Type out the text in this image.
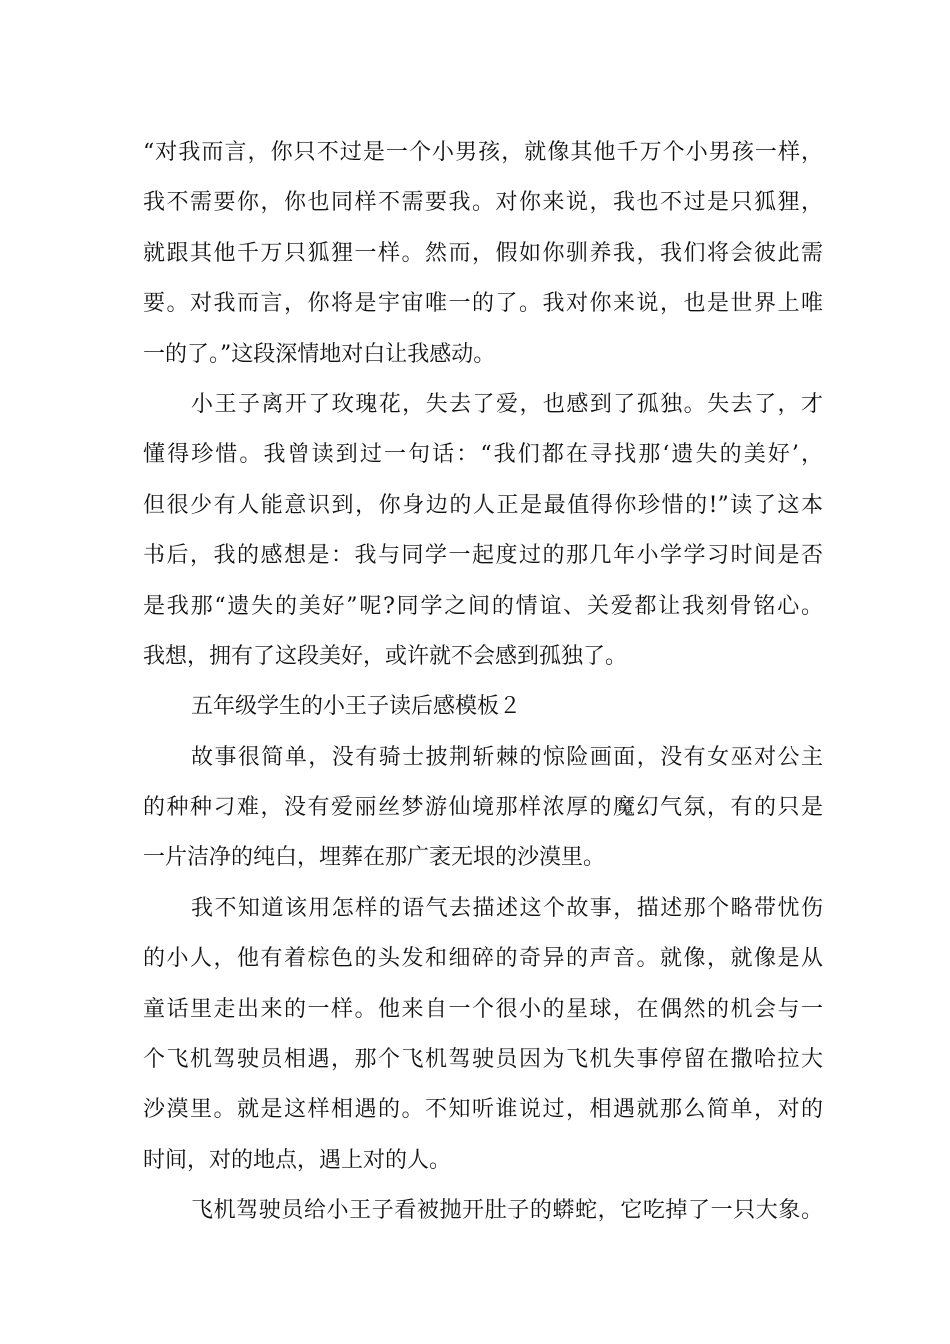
“对我而言，你只不过是一个小男孩，就像其他千万个小男孩一样，
我不需要你，你也同样不需要我。对你来说，我也不过是只狐狸，
就跟其他千万只狐狸一样。然而，假如你驯养我，我们将会彼此需
要。对我而言，你将是宇宙唯一的了。我对你来说，也是世界上唯
一的了。”这段深情地对白让我感动。
小王子离开了玫瑰花，失去了爱，也感到了孤独。失去了，才
懂得珍惜。我曾读到过一句话：“我们都在寻找那‘遗失的美好’，
但很少有人能意识到，你身边的人正是最值得你珍惜的!”读了这本
书后，我的感想是：我与同学一起度过的那几年小学学习时间是否
是我那“遗失的美好”呢?同学之间的情谊、关爱都让我刻骨铭心。
我想，拥有了这段美好，或许就不会感到孤独了。
五年级学生的小王子读后感模板２
故事很简单，没有骑士披荆斩棘的惊险画面，没有女巫对公主
的种种刁难，没有爱丽丝梦游仙境那样浓厚的魔幻气氛，有的只是
一片洁净的纯白，埋葬在那广袤无垠的沙漠里。
我不知道该用怎样的语气去描述这个故事，描述那个略带忧伤
的小人，他有着棕色的头发和细碎的奇异的声音。就像，就像是从
童话里走出来的一样。他来自一个很小的星球，在偶然的机会与一
个飞机驾驶员相遇，那个飞机驾驶员因为飞机失事停留在撒哈拉大
沙漠里。就是这样相遇的。不知听谁说过，相遇就那么简单，对的
时间，对的地点，遇上对的人。
飞机驾驶员给小王子看被抛开肚子的蟒蛇，它吃掉了一只大象。
